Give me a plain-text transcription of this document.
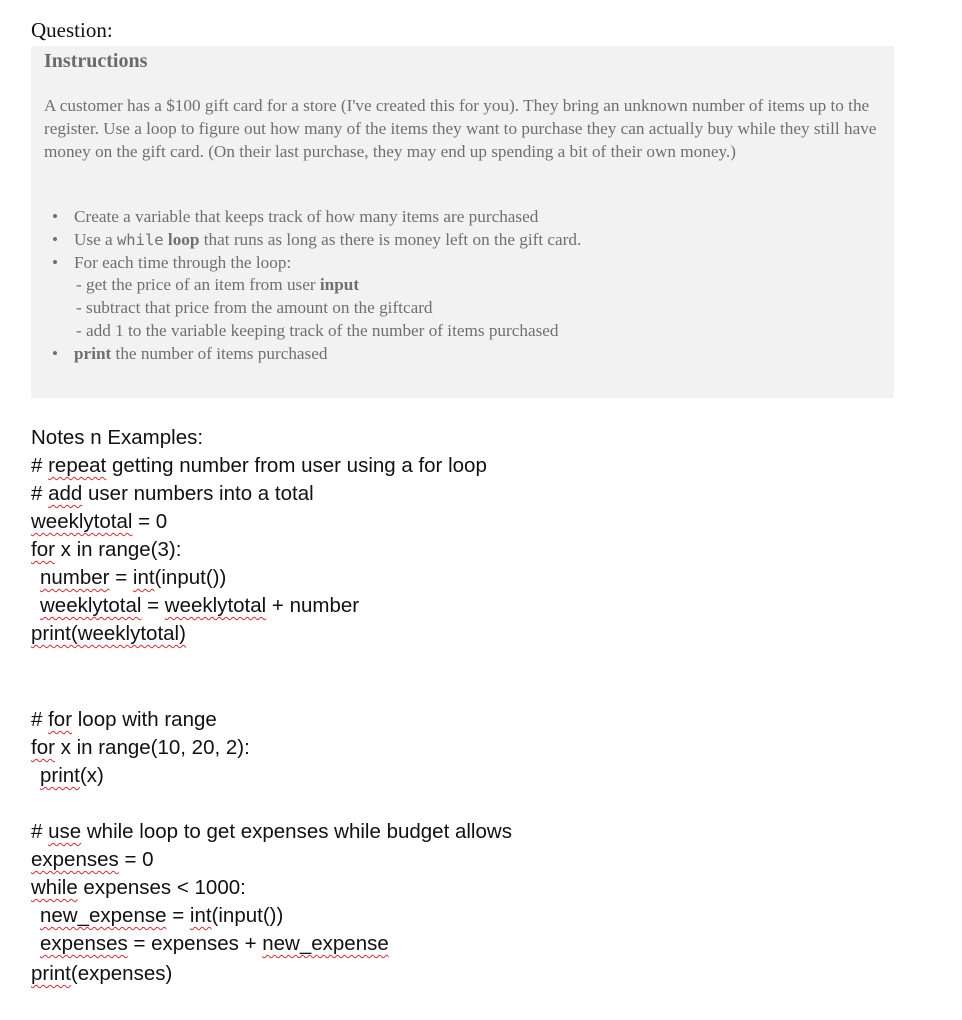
Question:
Instructions

A customer has a $100 gift card for a store (I've created this for you). They bring an unknown number of items up to the register. Use a loop to figure out how many of the items they want to purchase they can actually buy while they still have money on the gift card. (On their last purchase, they may end up spending a bit of their own money.)

• Create a variable that keeps track of how many items are purchased
• Use a while loop that runs as long as there is money left on the gift card.
• For each time through the loop:
- get the price of an item from user input
- subtract that price from the amount on the giftcard
- add 1 to the variable keeping track of the number of items purchased
• print the number of items purchased
Notes n Examples:
# repeat getting number from user using a for loop
# add user numbers into a total
weeklytotal = 0
for x in range(3):
number = int(input())
weeklytotal = weeklytotal + number
print(weeklytotal)
# for loop with range
for x in range(10, 20, 2):
print(x)
# use while loop to get expenses while budget allows
expenses = 0
while expenses < 1000:
new_expense = int(input())
expenses = expenses + new_expense
print(expenses)
